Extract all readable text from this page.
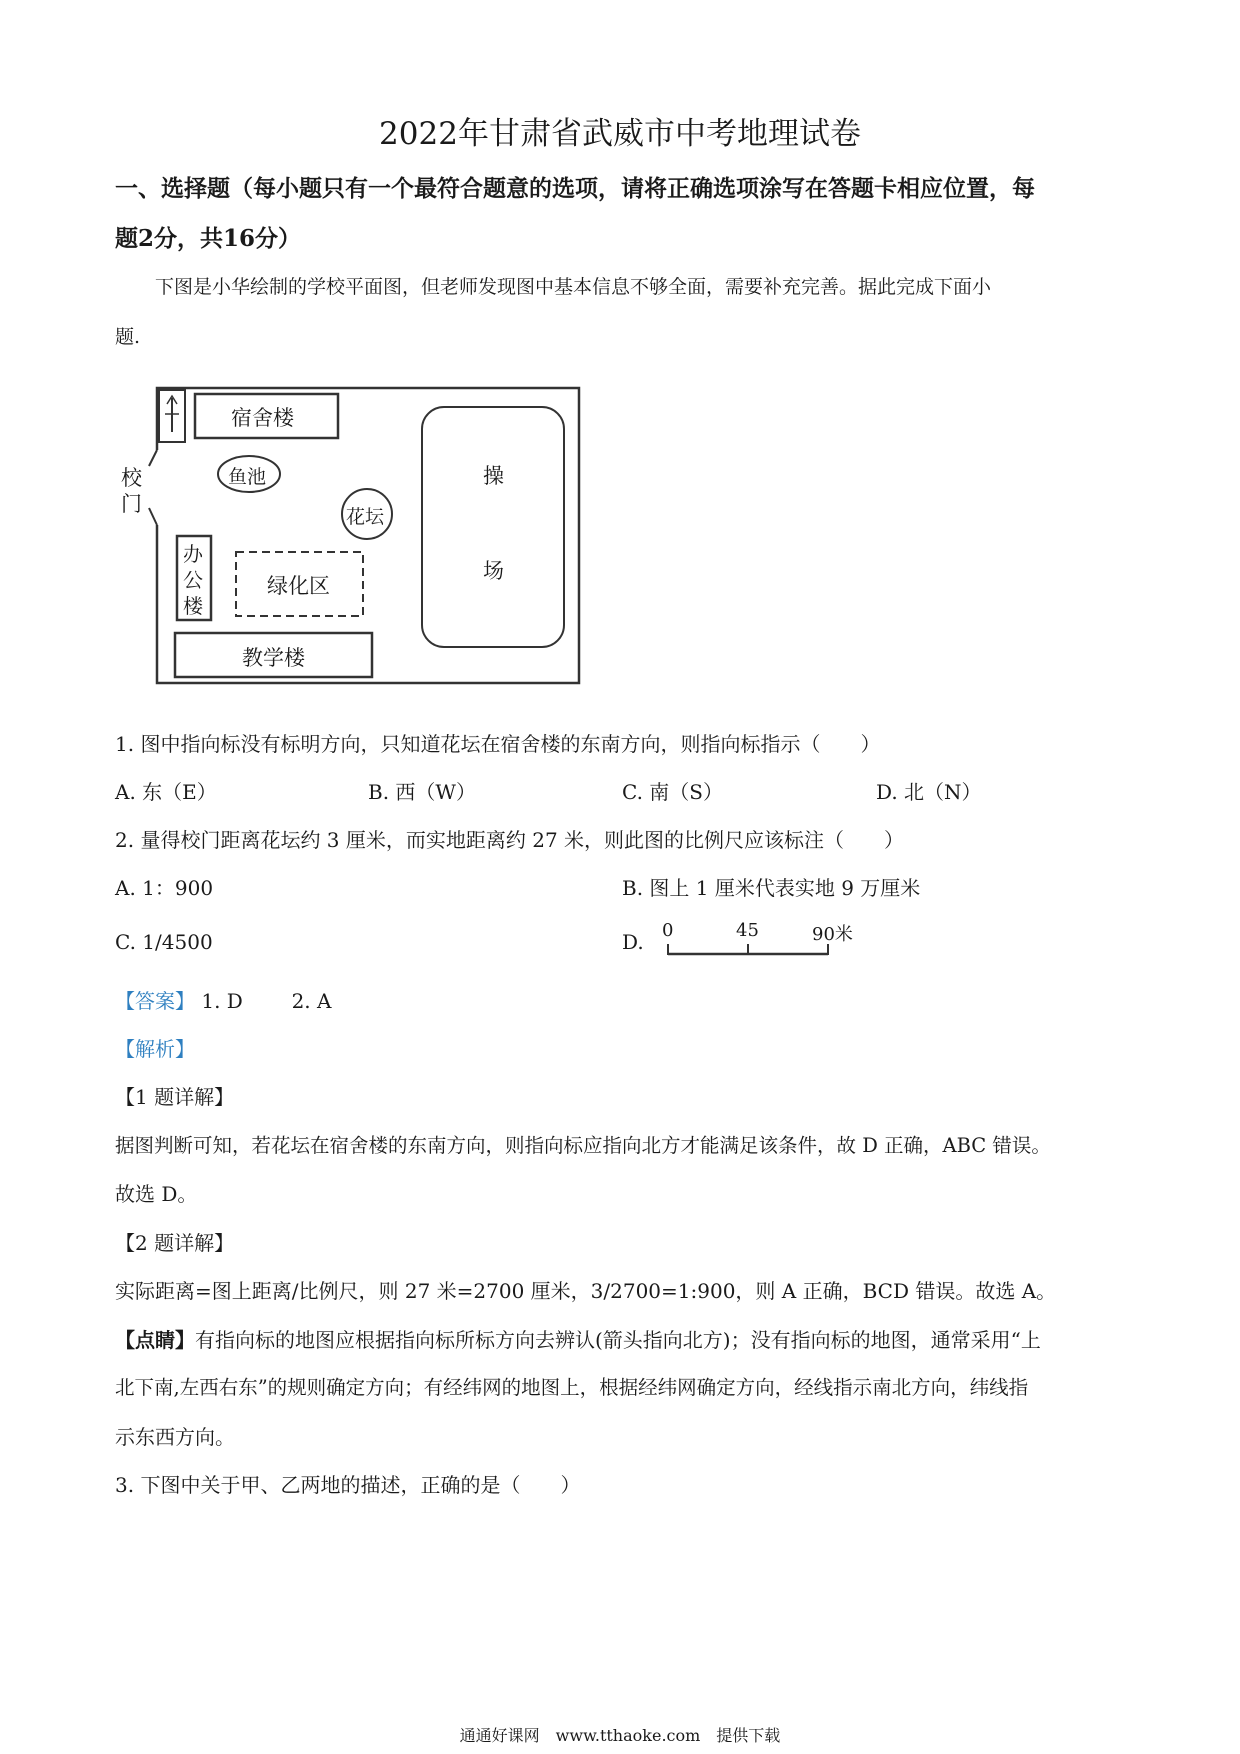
2022年甘肃省武威市中考地理试卷
一、选择题（每小题只有一个最符合题意的选项，请将正确选项涂写在答题卡相应位置，每
题2分，共16分）
下图是小华绘制的学校平面图，但老师发现图中基本信息不够全面，需要补充完善。据此完成下面小
题.
宿舍楼
鱼池
花坛
操
场
校
门
办
公
楼
绿化区
教学楼
1. 图中指向标没有标明方向，只知道花坛在宿舍楼的东南方向，则指向标指示（　　）
A. 东（E）	B. 西（W）	C. 南（S）	D. 北（N）
2. 量得校门距离花坛约 3 厘米，而实地距离约 27 米，则此图的比例尺应该标注（　　）
A. 1：900	B. 图上 1 厘米代表实地 9 万厘米
C. 1/4500	D. 0	45	90米
【答案】 1. D 2. A
【解析】
【1 题详解】
据图判断可知，若花坛在宿舍楼的东南方向，则指向标应指向北方才能满足该条件，故 D 正确，ABC 错误。
故选 D。
【2 题详解】
实际距离=图上距离/比例尺，则 27 米=2700 厘米，3/2700=1:900，则 A 正确，BCD 错误。故选 A。
【点睛】有指向标的地图应根据指向标所标方向去辨认(箭头指向北方)；没有指向标的地图，通常采用“上
北下南,左西右东”的规则确定方向；有经纬网的地图上，根据经纬网确定方向，经线指示南北方向，纬线指
示东西方向。
3. 下图中关于甲、乙两地的描述，正确的是（　　）
通通好课网　www.tthaoke.com　提供下载
